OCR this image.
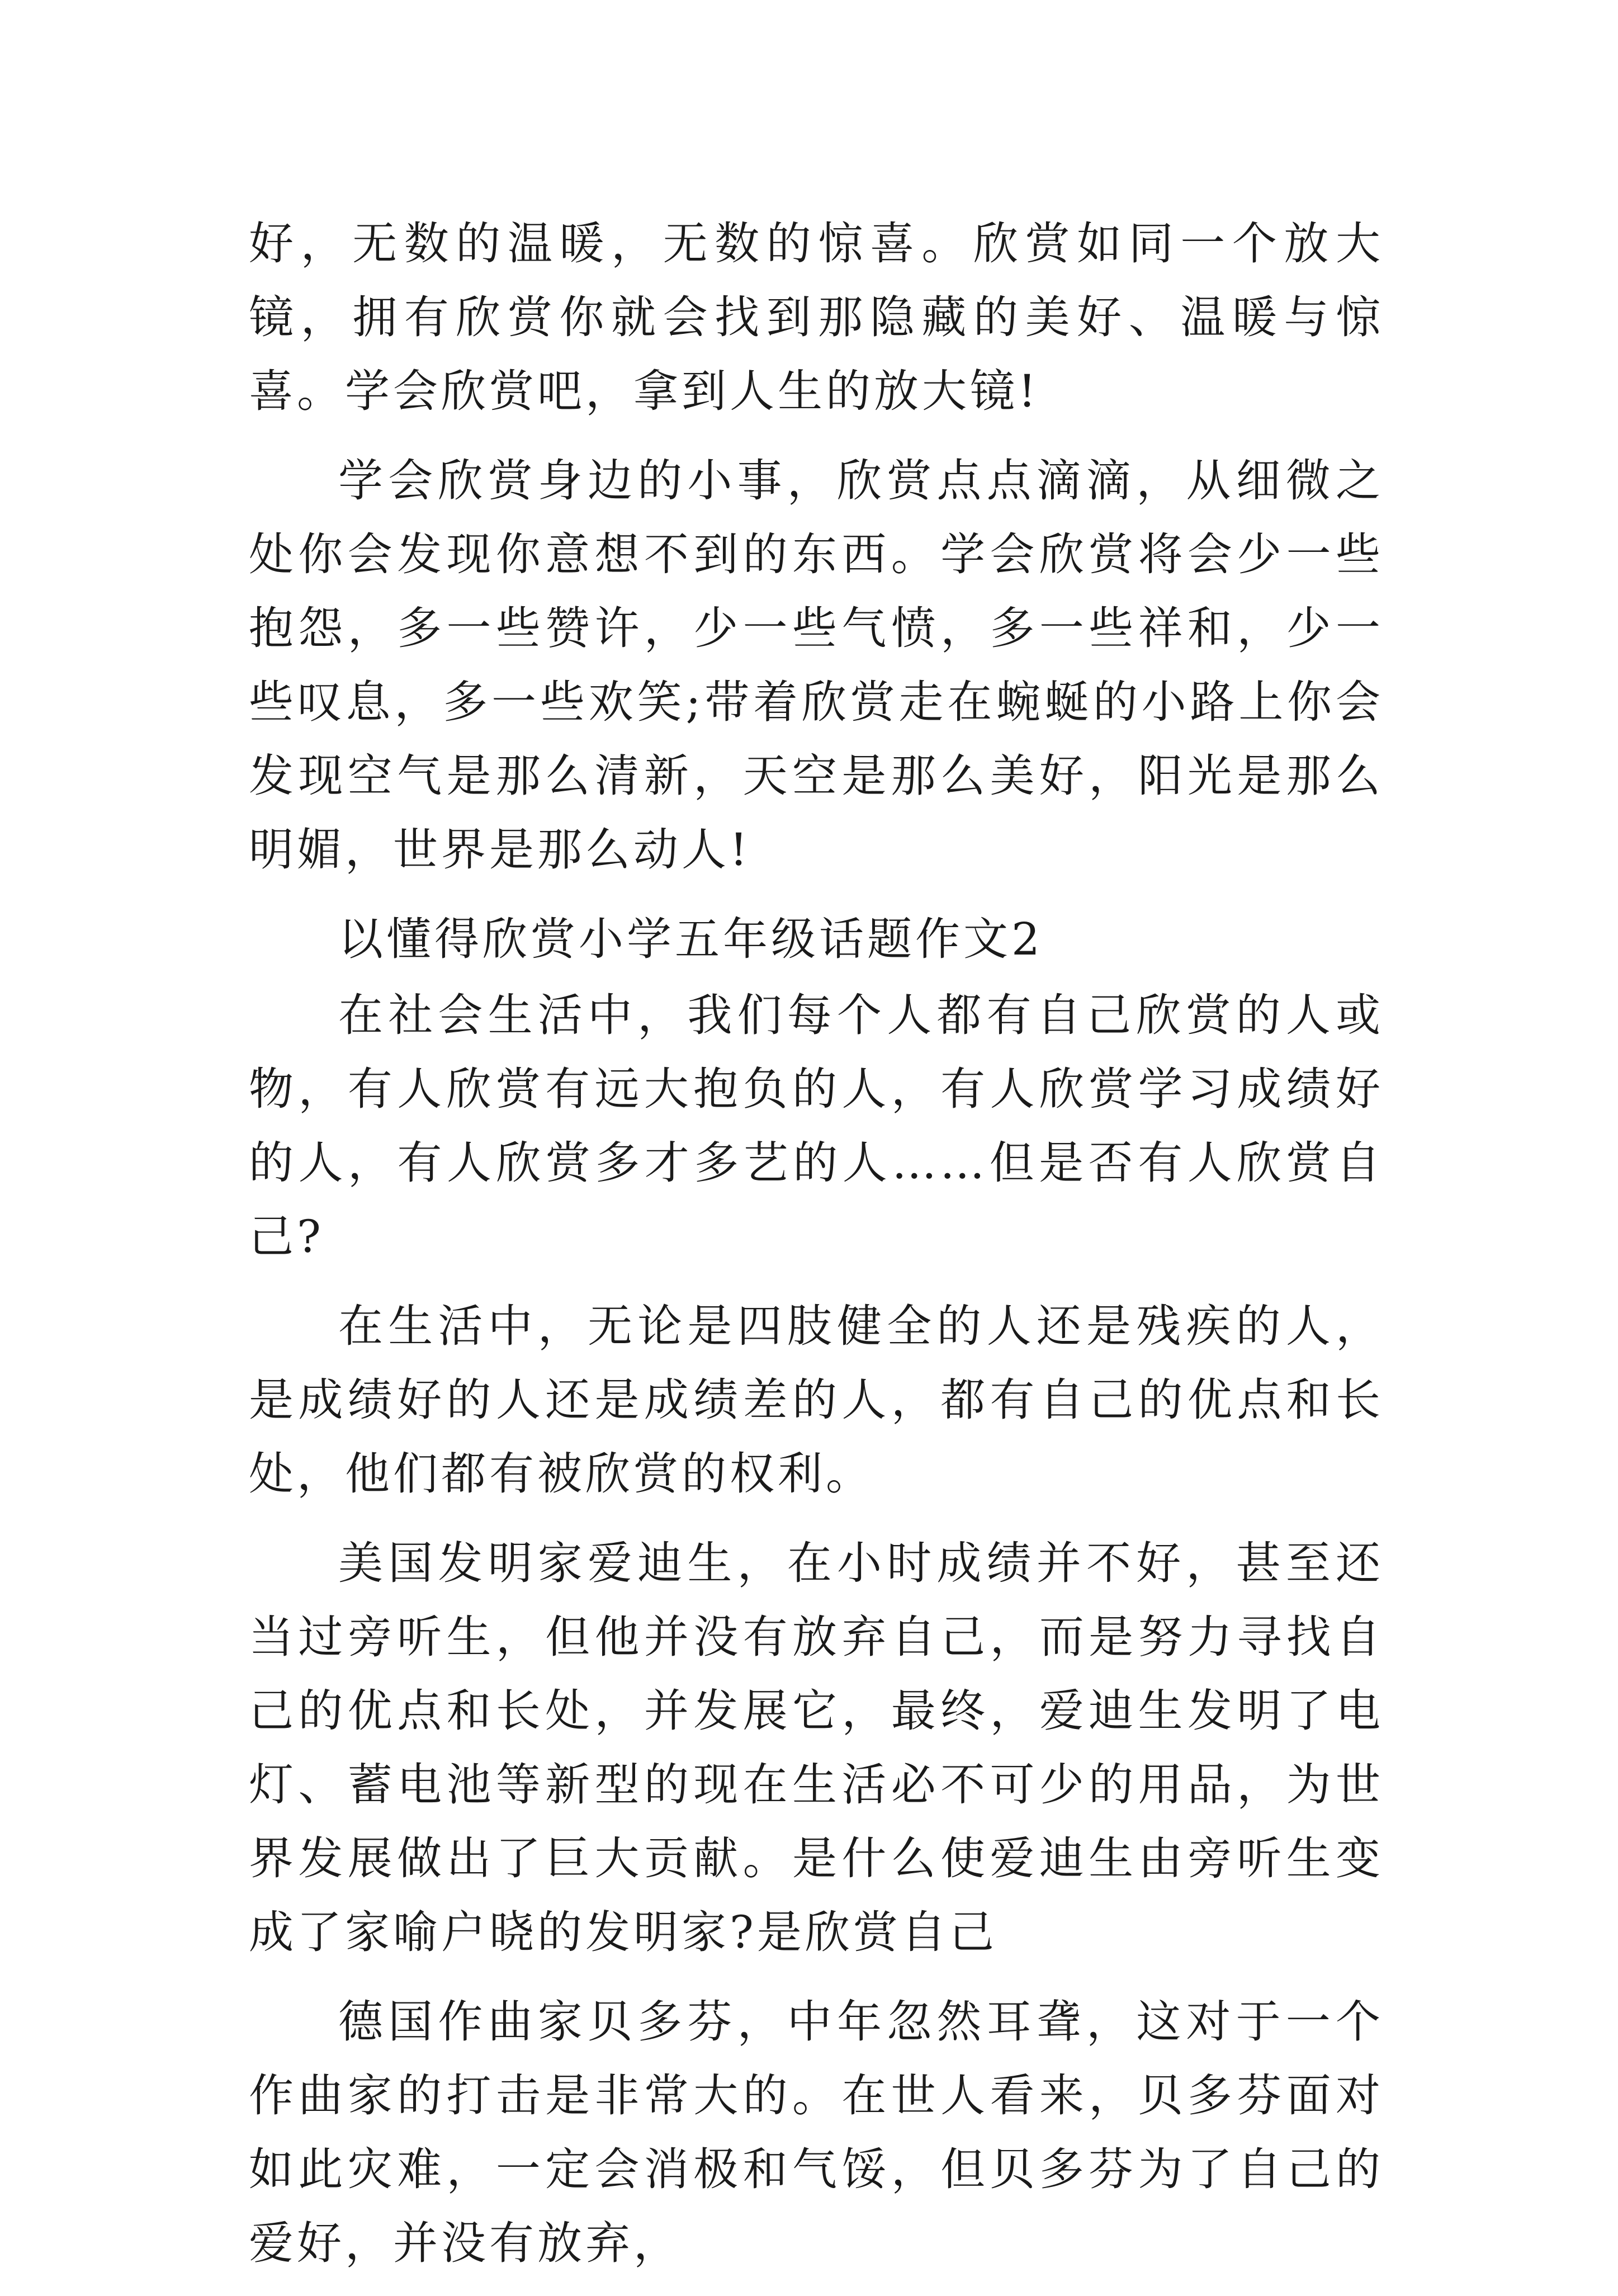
好，无数的温暖，无数的惊喜。欣赏如同一个放大镜，拥有欣赏你就会找到那隐藏的美好、温暖与惊喜。学会欣赏吧，拿到人生的放大镜!

学会欣赏身边的小事，欣赏点点滴滴，从细微之处你会发现你意想不到的东西。学会欣赏将会少一些抱怨，多一些赞许，少一些气愤，多一些祥和，少一些叹息，多一些欢笑;带着欣赏走在蜿蜒的小路上你会发现空气是那么清新，天空是那么美好，阳光是那么明媚，世界是那么动人!

以懂得欣赏小学五年级话题作文2

在社会生活中，我们每个人都有自己欣赏的人或物，有人欣赏有远大抱负的人，有人欣赏学习成绩好的人，有人欣赏多才多艺的人……但是否有人欣赏自己?

在生活中，无论是四肢健全的人还是残疾的人，是成绩好的人还是成绩差的人，都有自己的优点和长处，他们都有被欣赏的权利。

美国发明家爱迪生，在小时成绩并不好，甚至还当过旁听生，但他并没有放弃自己，而是努力寻找自己的优点和长处，并发展它，最终，爱迪生发明了电灯、蓄电池等新型的现在生活必不可少的用品，为世界发展做出了巨大贡献。是什么使爱迪生由旁听生变成了家喻户晓的发明家?是欣赏自己

德国作曲家贝多芬，中年忽然耳聋，这对于一个作曲家的打击是非常大的。在世人看来，贝多芬面对如此灾难，一定会消极和气馁，但贝多芬为了自己的爱好，并没有放弃，
